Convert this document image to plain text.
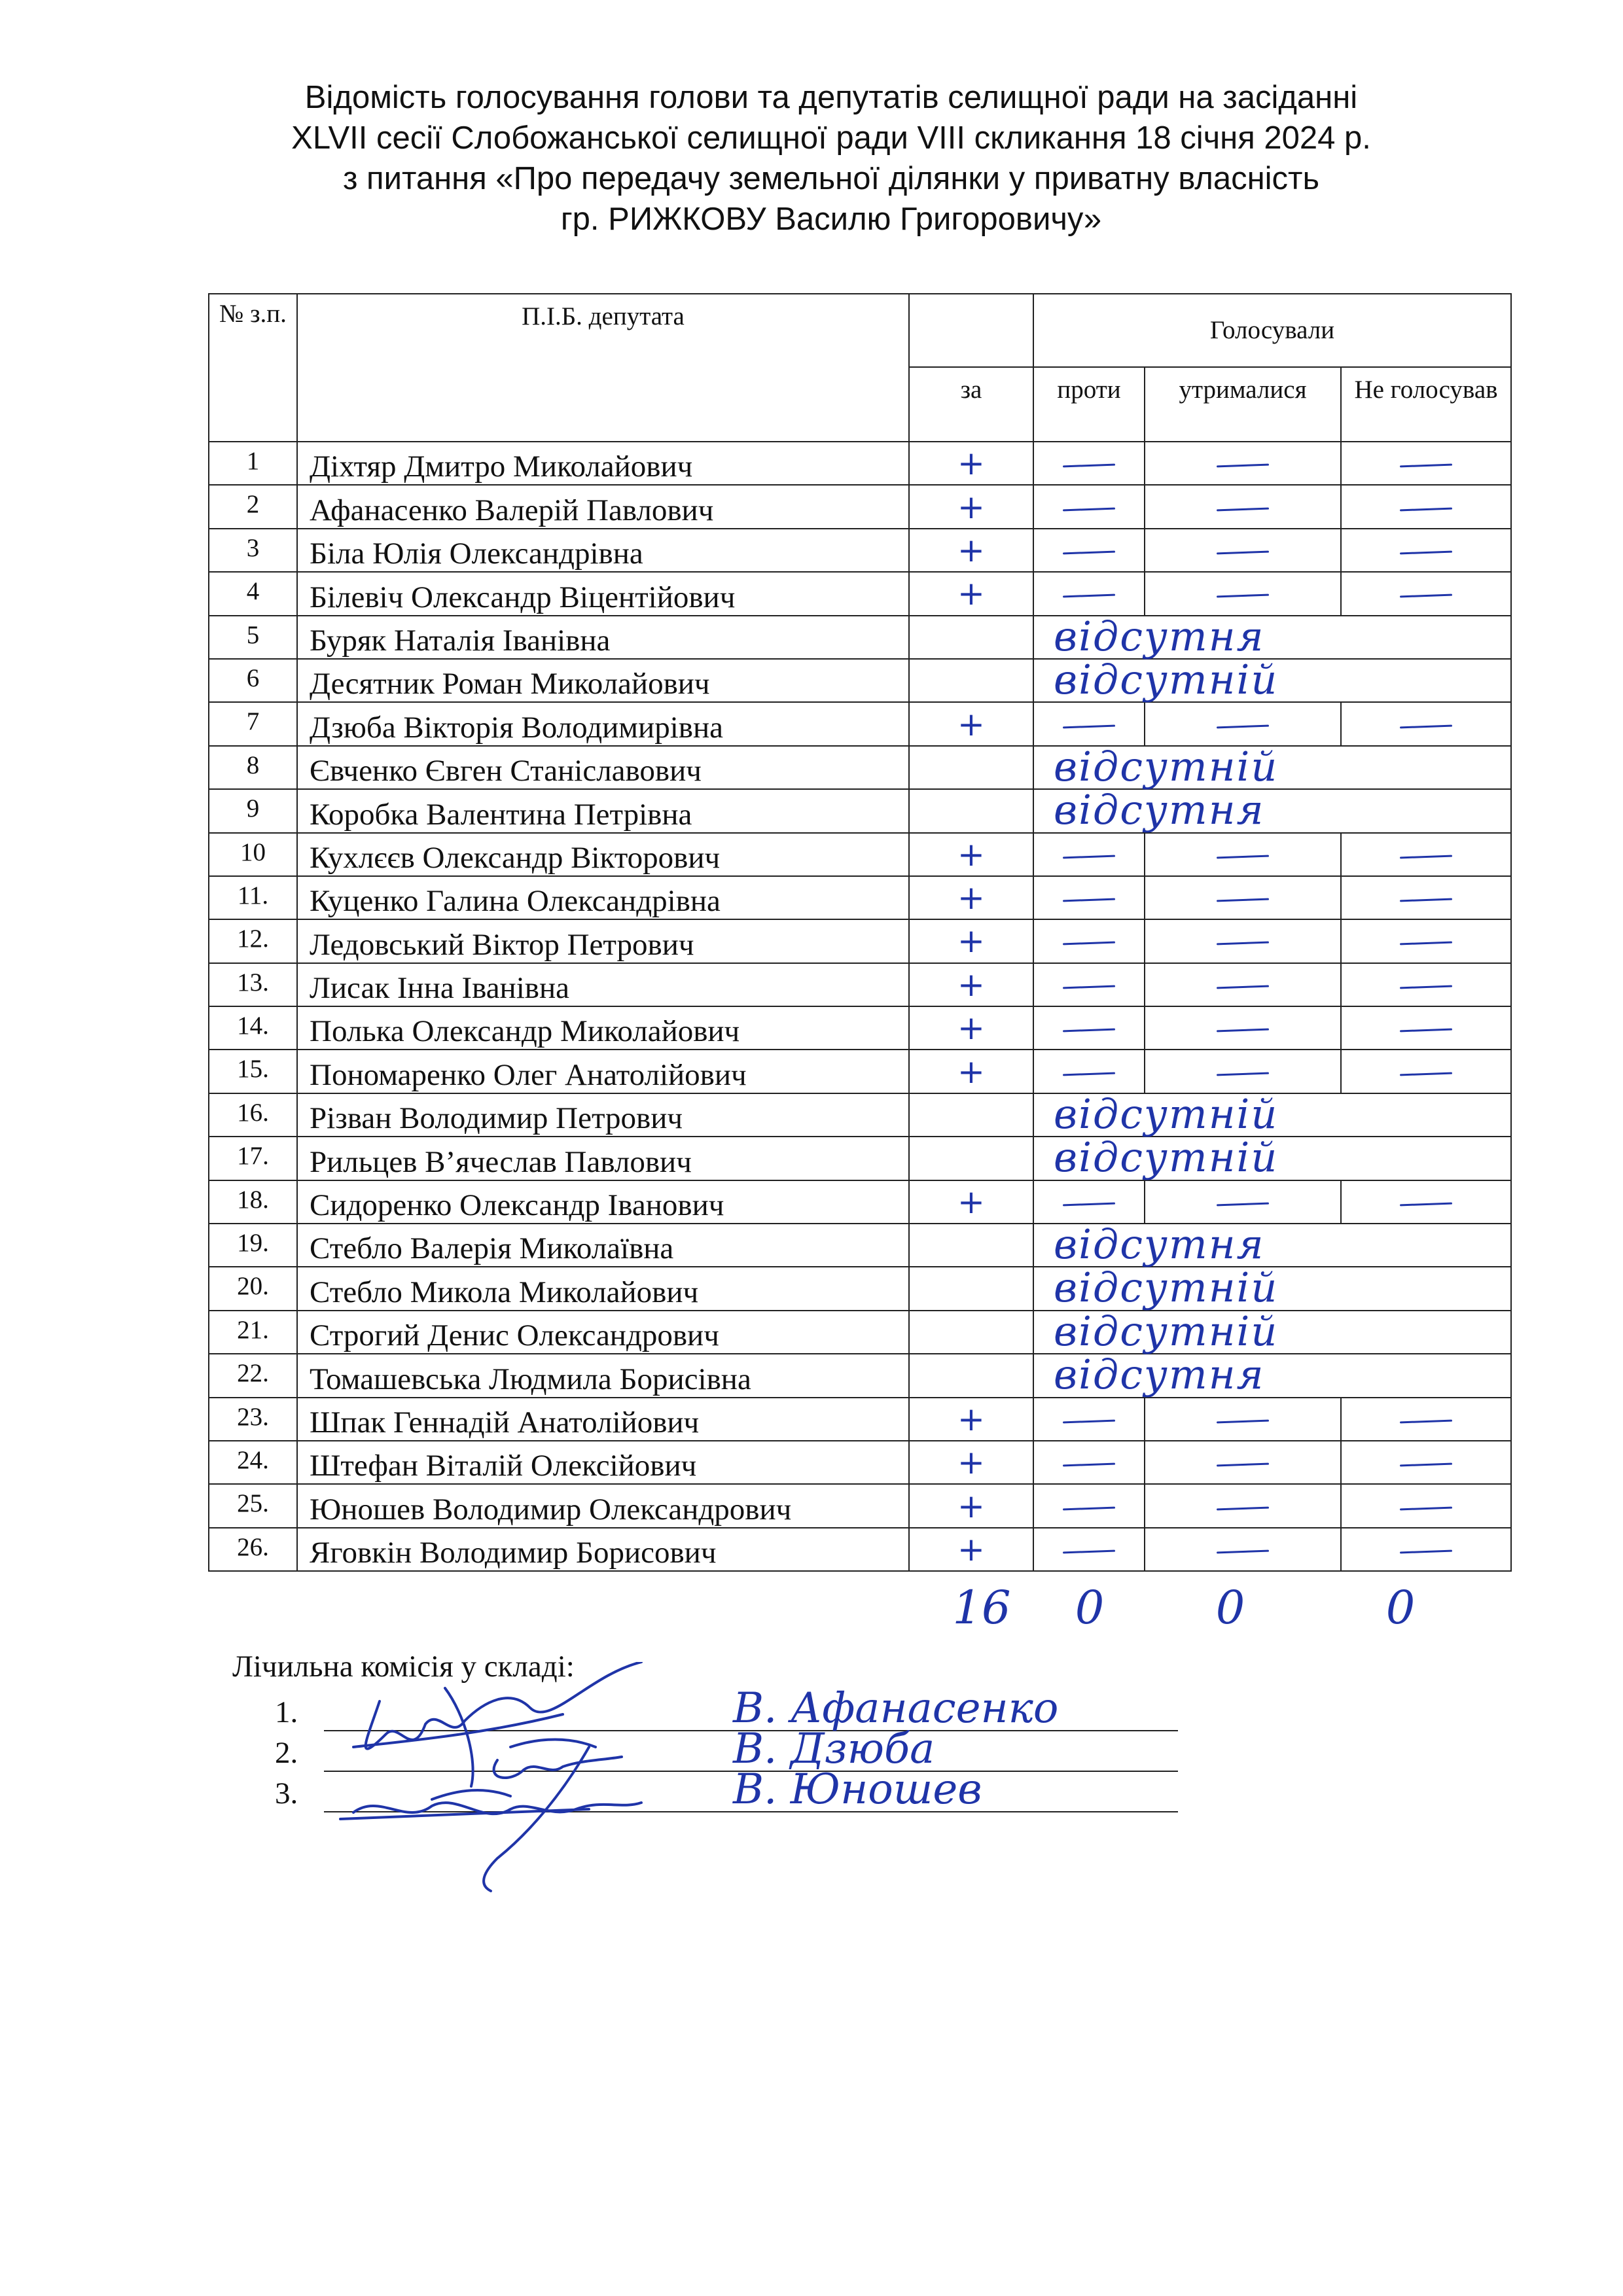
Відомість голосування голови та депутатів селищної ради на засіданні
XLVII сесії Слобожанської селищної ради VIII скликання 18 січня 2024 р.
з питання «Про передачу земельної ділянки у приватну власність
гр. РИЖКОВУ Василю Григоровичу»
№ з.п.	П.І.Б. депутата		Голосували		
		за	проти	утрималися	Не голосував
1	Діхтяр Дмитро Миколайович	+			
2	Афанасенко Валерій Павлович	+			
3	Біла Юлія Олександрівна	+			
4	Білевіч Олександр Віцентійович	+			
5	Буряк Наталія Іванівна		відсутня		

6	Десятник Роман Миколайович		відсутній		

7	Дзюба Вікторія Володимирівна	+			
8	Євченко Євген Станіславович		відсутній		

9	Коробка Валентина Петрівна		відсутня		

10	Кухлєєв Олександр Вікторович	+			
11.	Куценко Галина Олександрівна	+			
12.	Ледовський Віктор Петрович	+			
13.	Лисак Інна Іванівна	+			
14.	Полька Олександр Миколайович	+			
15.	Пономаренко Олег Анатолійович	+			
16.	Різван Володимир Петрович		відсутній		

17.	Рильцев В’ячеслав Павлович		відсутній		

18.	Сидоренко Олександр Іванович	+			
19.	Стебло Валерія Миколаївна		відсутня		

20.	Стебло Микола Миколайович		відсутній		

21.	Строгий Денис Олександрович		відсутній		

22.	Томашевська Людмила Борисівна		відсутня		

23.	Шпак Геннадій Анатолійович	+			
24.	Штефан Віталій Олексійович	+			
25.	Юношев Володимир Олександрович	+			
26.	Яговкін Володимир Борисович	+			
16	0	0	0
Лічильна комісія у складі:
1.	В. Афанасенко
2.	В. Дзюба
3.	В. Юношев
